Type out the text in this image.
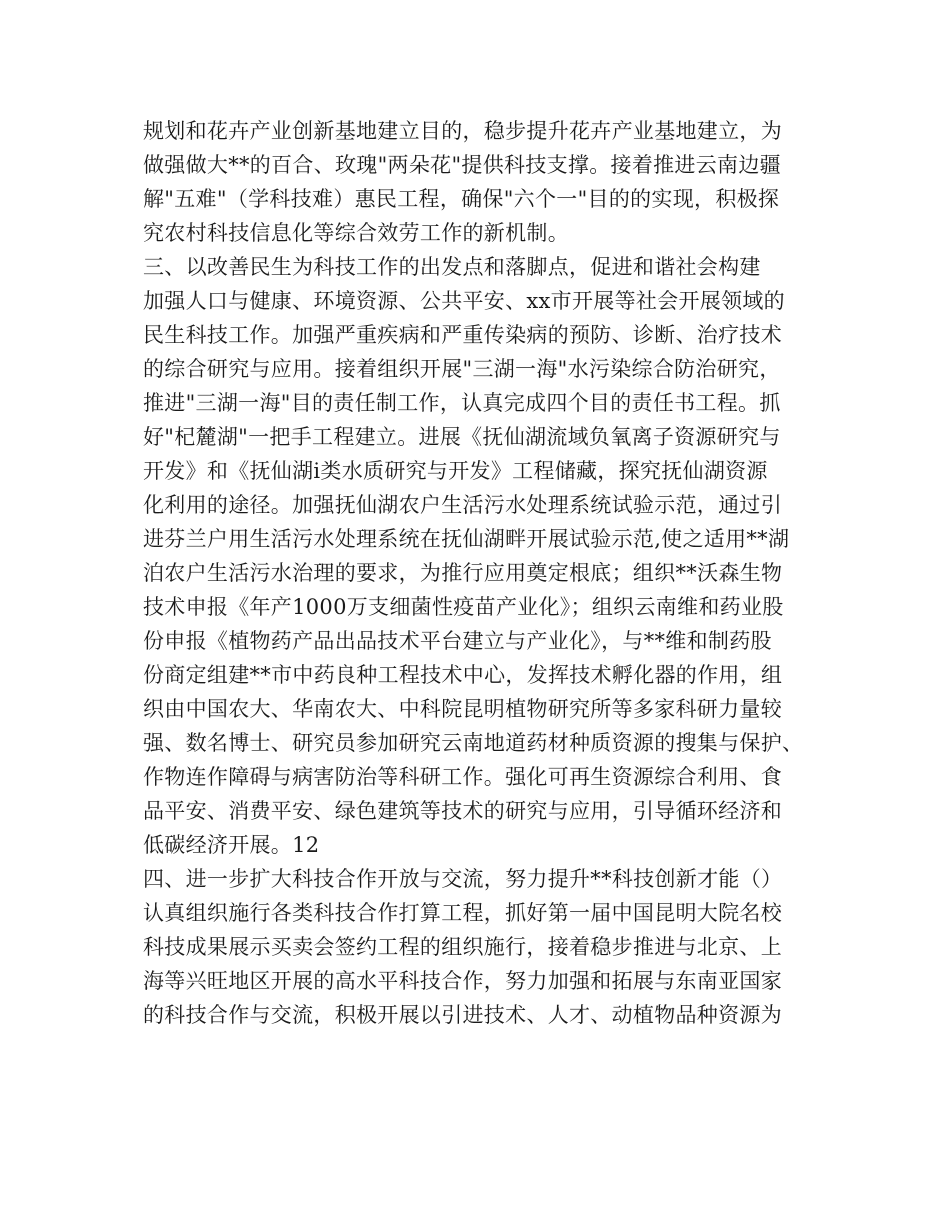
规划和花卉产业创新基地建立目的，稳步提升花卉产业基地建立，为
做强做大**的百合、玫瑰"两朵花"提供科技支撑。接着推进云南边疆
解"五难"（学科技难）惠民工程，确保"六个一"目的的实现，积极探
究农村科技信息化等综合效劳工作的新机制。
三、以改善民生为科技工作的出发点和落脚点，促进和谐社会构建
加强人口与健康、环境资源、公共平安、xx市开展等社会开展领域的
民生科技工作。加强严重疾病和严重传染病的预防、诊断、治疗技术
的综合研究与应用。接着组织开展"三湖一海"水污染综合防治研究，
推进"三湖一海"目的责任制工作，认真完成四个目的责任书工程。抓
好"杞麓湖"一把手工程建立。进展《抚仙湖流域负氧离子资源研究与
开发》和《抚仙湖ⅰ类水质研究与开发》工程储藏，探究抚仙湖资源
化利用的途径。加强抚仙湖农户生活污水处理系统试验示范，通过引
进芬兰户用生活污水处理系统在抚仙湖畔开展试验示范,使之适用**湖
泊农户生活污水治理的要求，为推行应用奠定根底；组织**沃森生物
技术申报《年产1000万支细菌性疫苗产业化》；组织云南维和药业股
份申报《植物药产品出品技术平台建立与产业化》，与**维和制药股
份商定组建**市中药良种工程技术中心，发挥技术孵化器的作用，组
织由中国农大、华南农大、中科院昆明植物研究所等多家科研力量较
强、数名博士、研究员参加研究云南地道药材种质资源的搜集与保护、
作物连作障碍与病害防治等科研工作。强化可再生资源综合利用、食
品平安、消费平安、绿色建筑等技术的研究与应用，引导循环经济和
低碳经济开展。12
四、进一步扩大科技合作开放与交流，努力提升**科技创新才能（）
认真组织施行各类科技合作打算工程，抓好第一届中国昆明大院名校
科技成果展示买卖会签约工程的组织施行，接着稳步推进与北京、上
海等兴旺地区开展的高水平科技合作，努力加强和拓展与东南亚国家
的科技合作与交流，积极开展以引进技术、人才、动植物品种资源为
